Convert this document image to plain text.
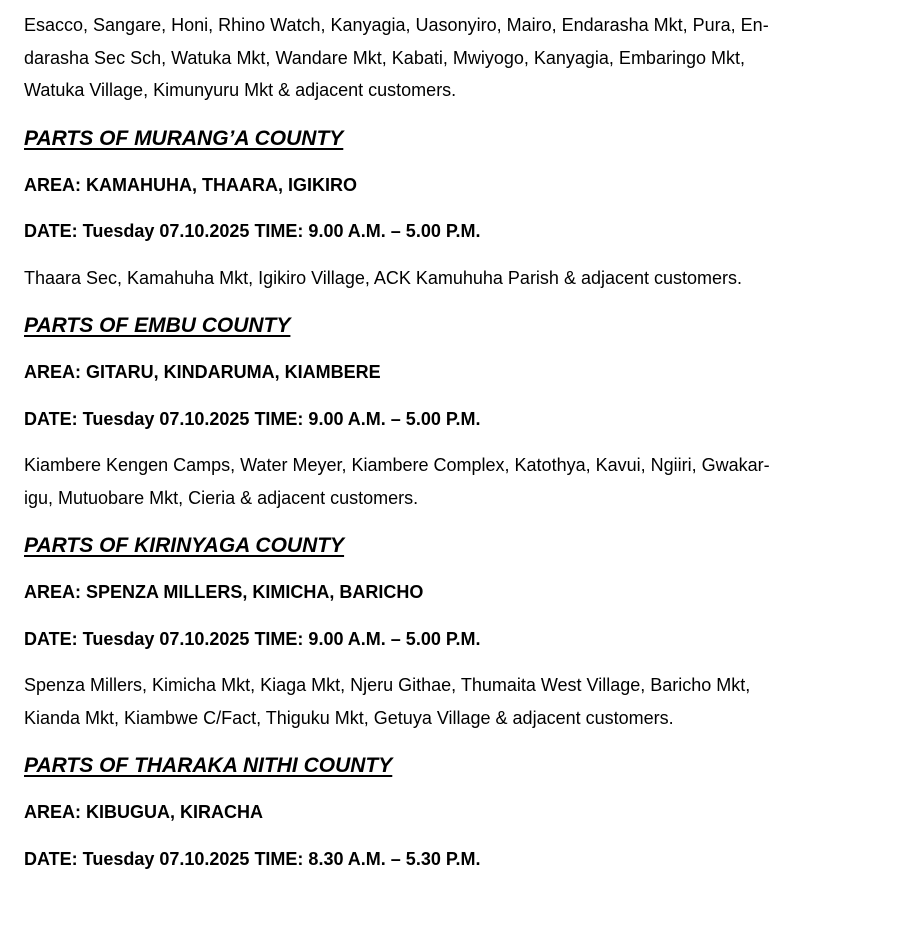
Esacco, Sangare, Honi, Rhino Watch, Kanyagia, Uasonyiro, Mairo, Endarasha Mkt, Pura, En-
darasha Sec Sch, Watuka Mkt, Wandare Mkt, Kabati, Mwiyogo, Kanyagia, Embaringo Mkt,
Watuka Village, Kimunyuru Mkt & adjacent customers.

PARTS OF MURANG’A COUNTY

AREA: KAMAHUHA, THAARA, IGIKIRO

DATE: Tuesday 07.10.2025 TIME: 9.00 A.M. – 5.00 P.M.

Thaara Sec, Kamahuha Mkt, Igikiro Village, ACK Kamuhuha Parish & adjacent customers.

PARTS OF EMBU COUNTY

AREA: GITARU, KINDARUMA, KIAMBERE

DATE: Tuesday 07.10.2025 TIME: 9.00 A.M. – 5.00 P.M.

Kiambere Kengen Camps, Water Meyer, Kiambere Complex, Katothya, Kavui, Ngiiri, Gwakar-
igu, Mutuobare Mkt, Cieria & adjacent customers.

PARTS OF KIRINYAGA COUNTY

AREA: SPENZA MILLERS, KIMICHA, BARICHO

DATE: Tuesday 07.10.2025 TIME: 9.00 A.M. – 5.00 P.M.

Spenza Millers, Kimicha Mkt, Kiaga Mkt, Njeru Githae, Thumaita West Village, Baricho Mkt,
Kianda Mkt, Kiambwe C/Fact, Thiguku Mkt, Getuya Village & adjacent customers.

PARTS OF THARAKA NITHI COUNTY

AREA: KIBUGUA, KIRACHA

DATE: Tuesday 07.10.2025 TIME: 8.30 A.M. – 5.30 P.M.
